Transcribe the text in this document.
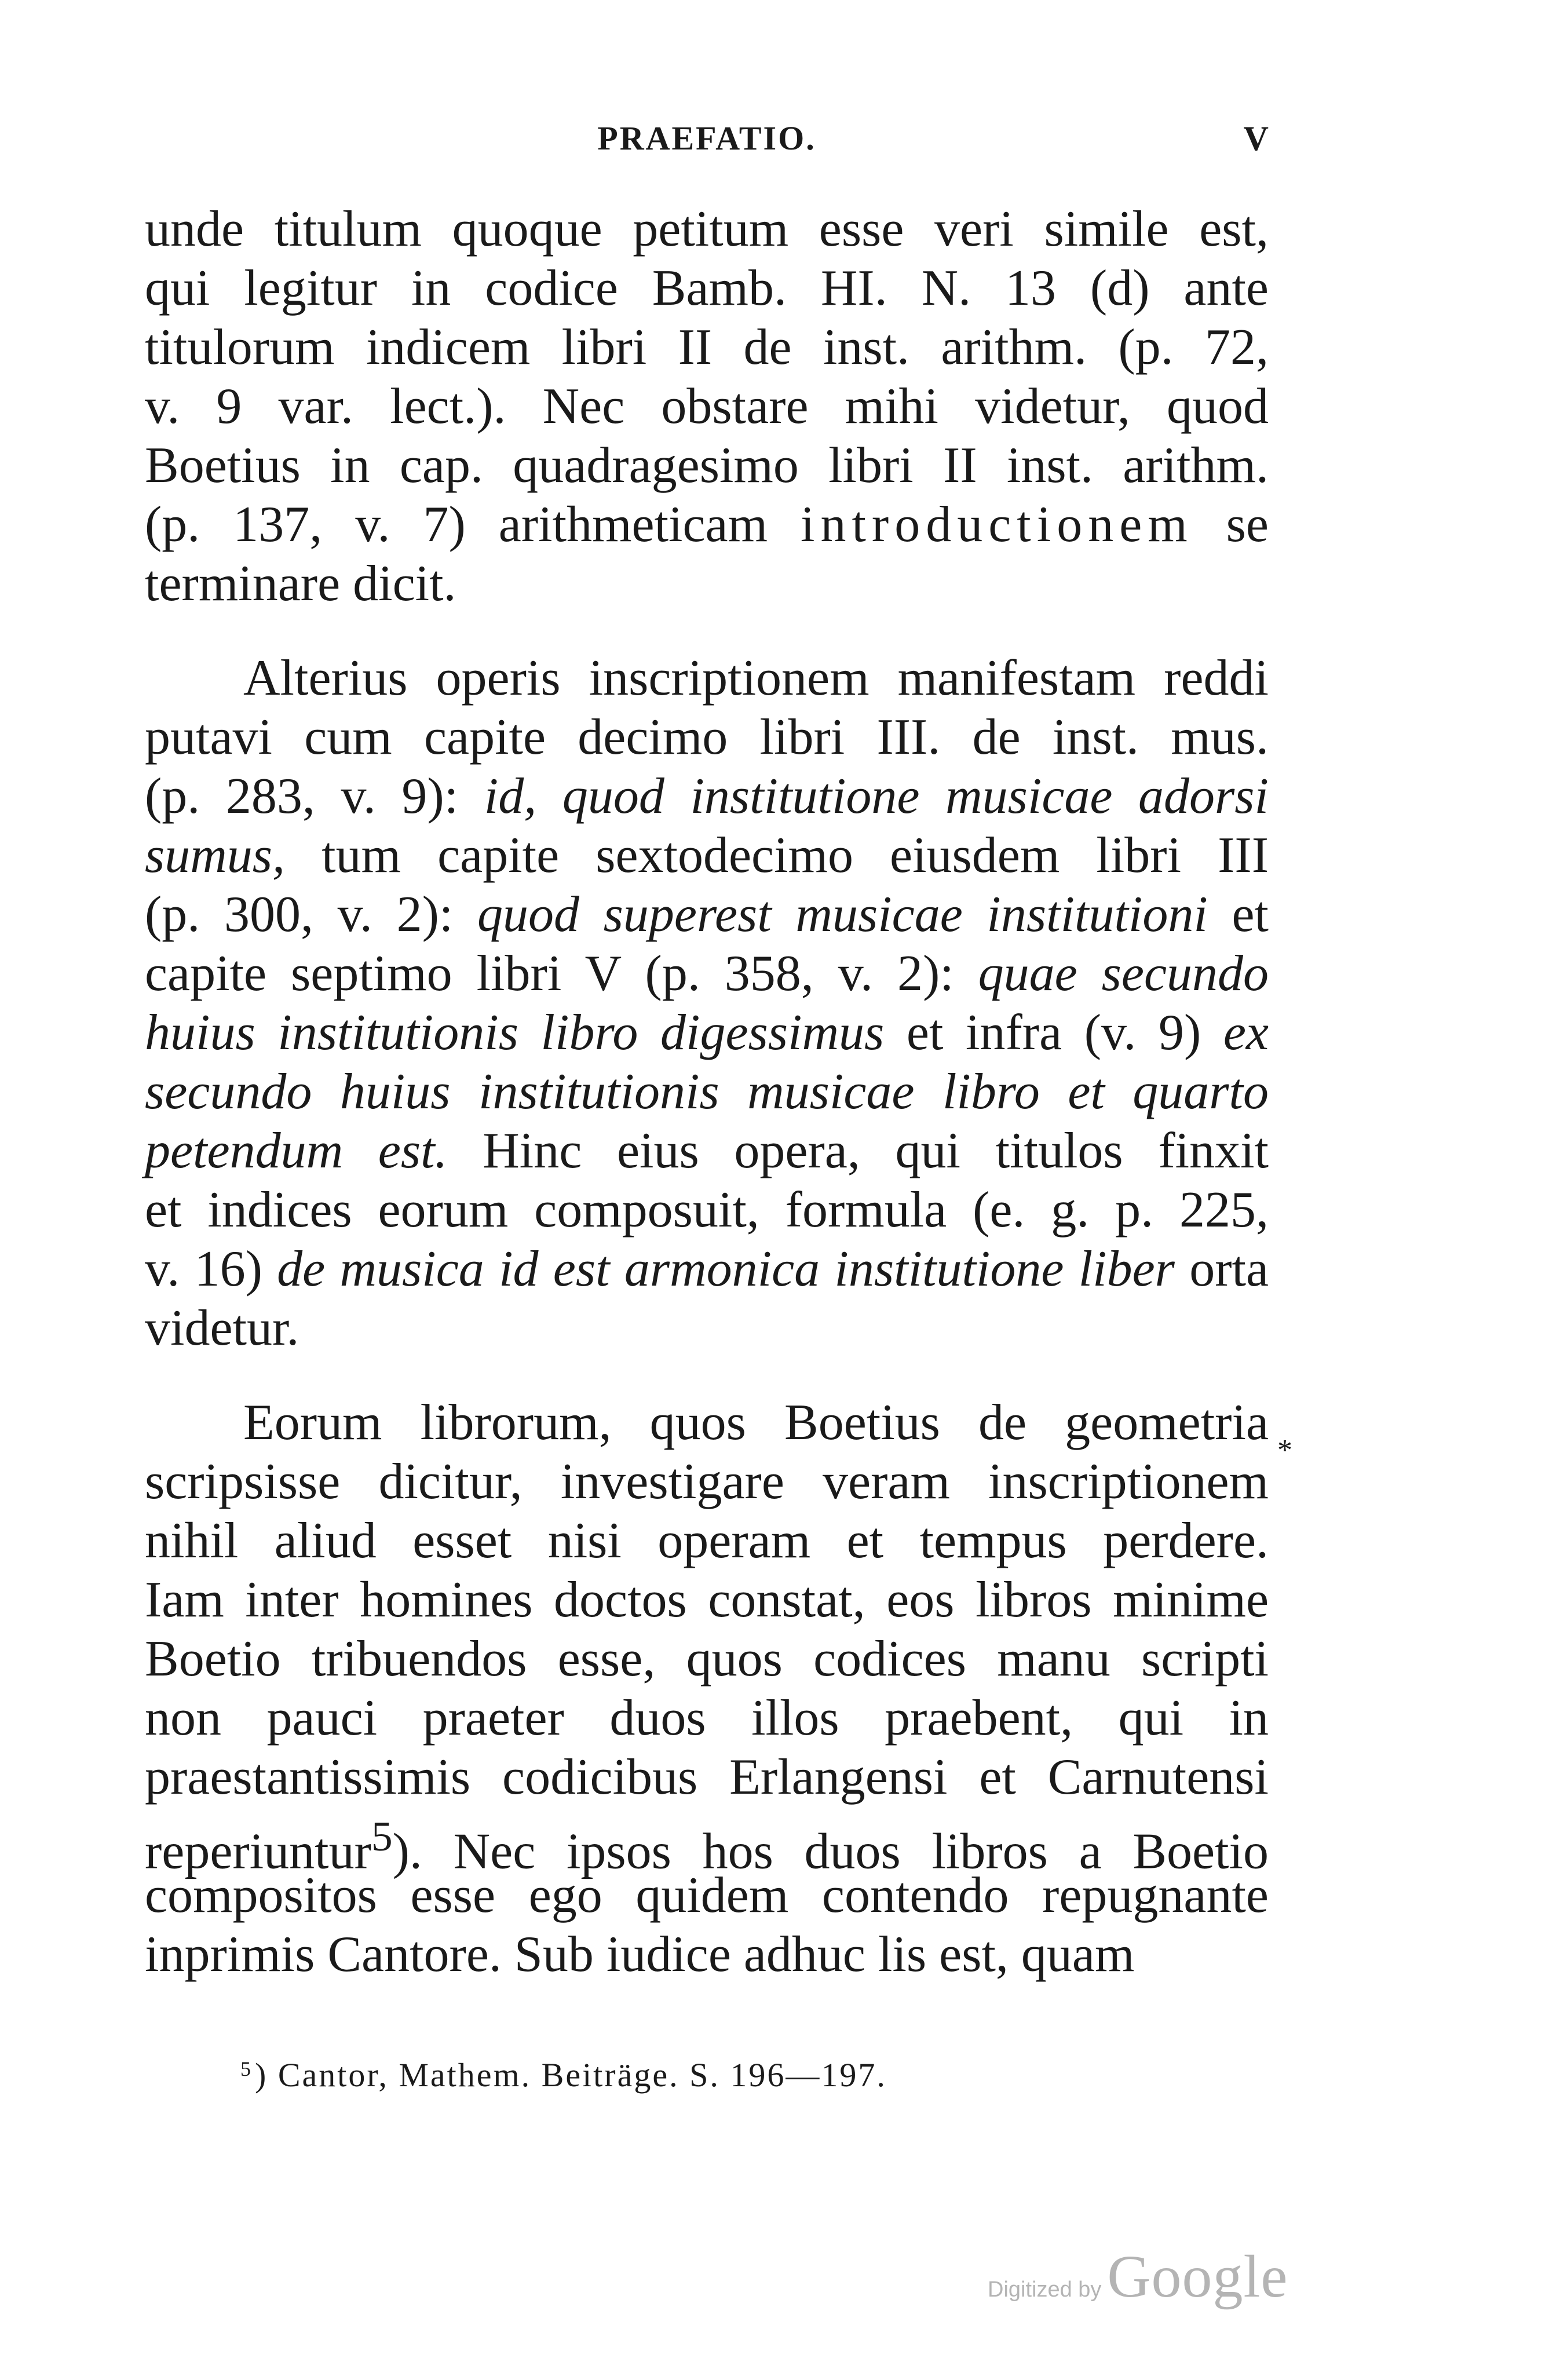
PRAEFATIO.	V
unde titulum quoque petitum esse veri simile est,
qui legitur in codice Bamb. HI. N. 13 (d) ante
titulorum indicem libri II de inst. arithm. (p. 72,
v. 9 var. lect.). Nec obstare mihi videtur, quod
Boetius in cap. quadragesimo libri II inst. arithm.
(p. 137, v. 7) arithmeticam introductionem se
terminare dicit.
Alterius operis inscriptionem manifestam reddi
putavi cum capite decimo libri III. de inst. mus.
(p. 283, v. 9): id, quod institutione musicae adorsi
sumus, tum capite sextodecimo eiusdem libri III
(p. 300, v. 2): quod superest musicae institutioni et
capite septimo libri V (p. 358, v. 2): quae secundo
huius institutionis libro digessimus et infra (v. 9) ex
secundo huius institutionis musicae libro et quarto
petendum est. Hinc eius opera, qui titulos finxit
et indices eorum composuit, formula (e. g. p. 225,
v. 16) de musica id est armonica institutione liber orta
videtur.
Eorum librorum, quos Boetius de geometria
scripsisse dicitur, investigare veram inscriptionem
nihil aliud esset nisi operam et tempus perdere.
Iam inter homines doctos constat, eos libros minime
Boetio tribuendos esse, quos codices manu scripti
non pauci praeter duos illos praebent, qui in
praestantissimis codicibus Erlangensi et Carnutensi
reperiuntur$^5$). Nec ipsos hos duos libros a Boetio
compositos esse ego quidem contendo repugnante
inprimis Cantore. Sub iudice adhuc lis est, quam
*
$^5$) Cantor, Mathem. Beiträge. S. 196—197.
Digitized byGoogle
